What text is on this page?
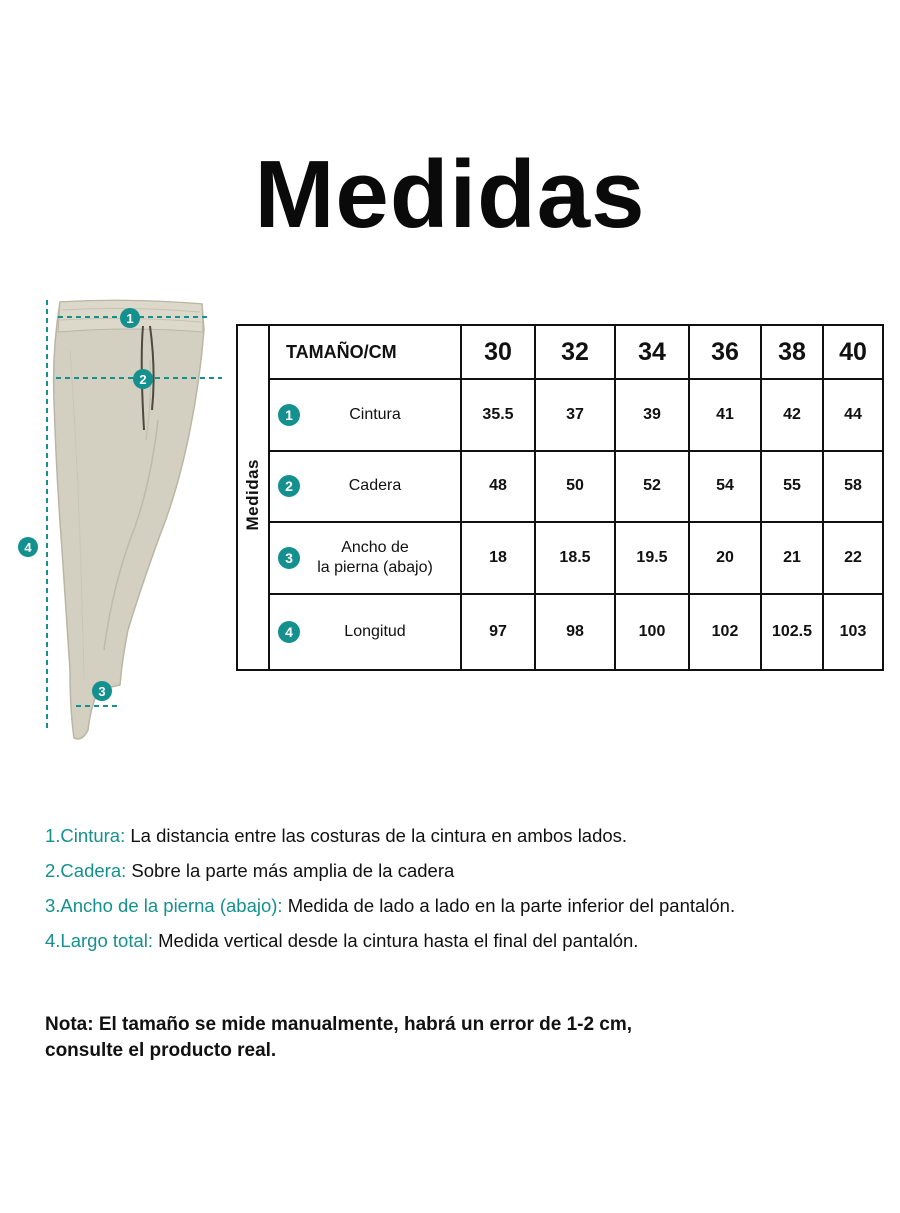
Medidas
1
2
3
4
Medidas	TAMAÑO/CM	30	32	34	36	38	40

1 Cintura	35.5	37	39	41	42	44

2 Cadera	48	50	52	54	55	58

3
Ancho de
la pierna (abajo)	18	18.5	19.5	20	21	22

4 Longitud	97	98	100	102	102.5	103
1.Cintura: La distancia entre las costuras de la cintura en ambos lados.
2.Cadera: Sobre la parte más amplia de la cadera
3.Ancho de la pierna (abajo): Medida de lado a lado en la parte inferior del pantalón.
4.Largo total: Medida vertical desde la cintura hasta el final del pantalón.
Nota: El tamaño se mide manualmente, habrá un error de 1-2 cm,
consulte el producto real.
